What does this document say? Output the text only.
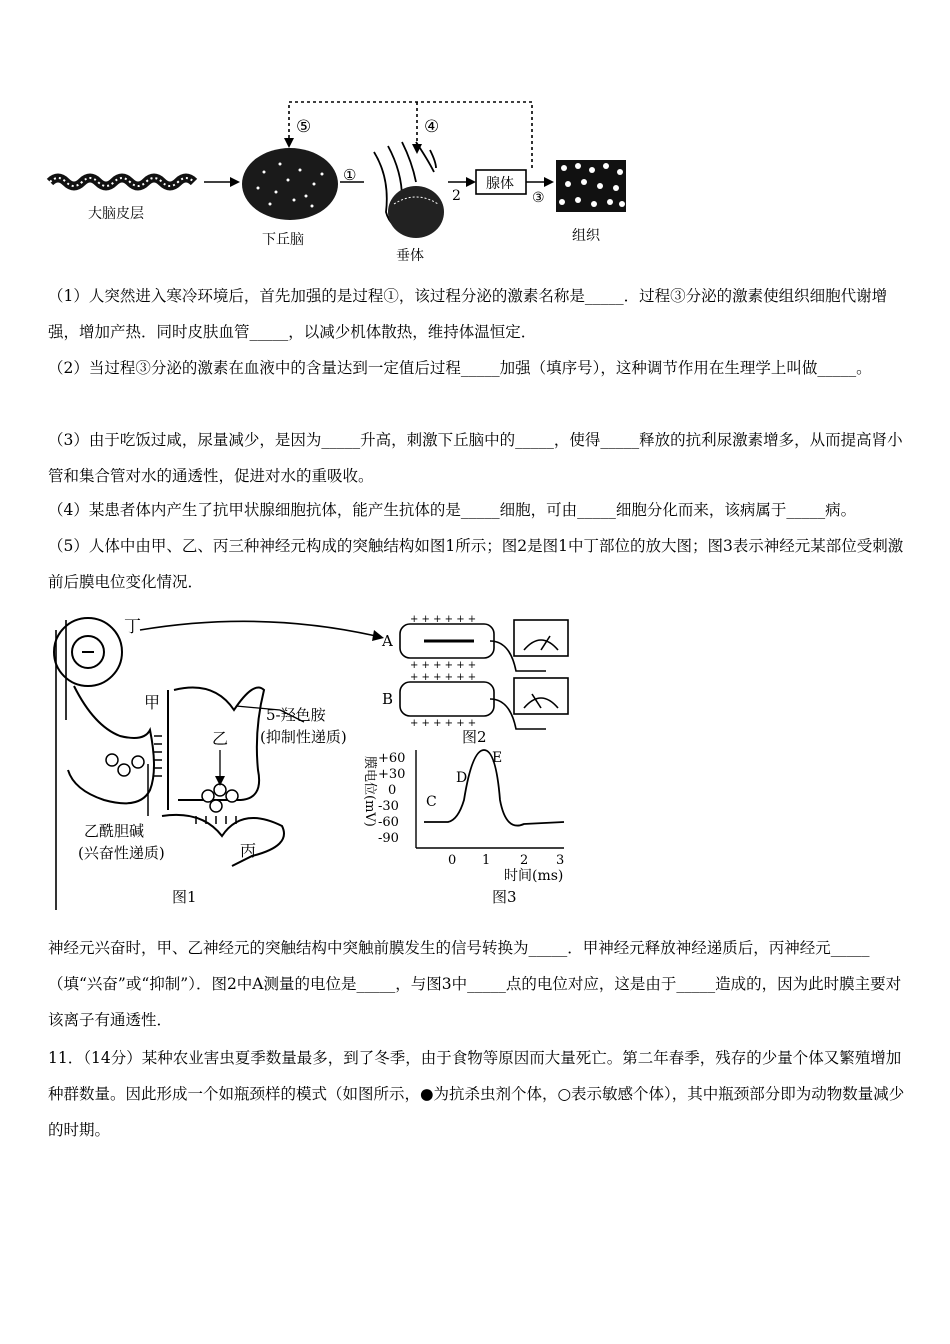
⑤	④
大脑皮层
下丘脑
①
垂体
2
腺体
③
组织
（1）人突然进入寒冷环境后，首先加强的是过程①，该过程分泌的激素名称是_____．过程③分泌的激素使组织细胞代谢增强，增加产热．同时皮肤血管_____，以减少机体散热，维持体温恒定．
（2）当过程③分泌的激素在血液中的含量达到一定值后过程_____加强（填序号），这种调节作用在生理学上叫做_____。
（3）由于吃饭过咸，尿量减少，是因为_____升高，刺激下丘脑中的_____，使得_____释放的抗利尿激素增多，从而提高肾小管和集合管对水的通透性，促进对水的重吸收。
（4）某患者体内产生了抗甲状腺细胞抗体，能产生抗体的是_____细胞，可由_____细胞分化而来，该病属于_____病。
（5）人体中由甲、乙、丙三种神经元构成的突触结构如图1所示；图2是图1中丁部位的放大图；图3表示神经元某部位受刺激前后膜电位变化情况．
丁
甲
乙
丙
5-羟色胺
(抑制性递质)
乙酰胆碱
(兴奋性递质)
图1
A
+ + + + + +
+ + + + + +
+ + + + + +
+ + + + + +
B
图2
膜电位(mV) +60
+30
0
-30
-60
-90
0 1 2 3
时间(ms)
C
D
E
图3
神经元兴奋时，甲、乙神经元的突触结构中突触前膜发生的信号转换为_____．甲神经元释放神经递质后，丙神经元_____（填“兴奋”或“抑制”）．图2中A测量的电位是_____，与图3中_____点的电位对应，这是由于_____造成的，因为此时膜主要对该离子有通透性．
11．（14分）某种农业害虫夏季数量最多，到了冬季，由于食物等原因而大量死亡。第二年春季，残存的少量个体又繁殖增加种群数量。因此形成一个如瓶颈样的模式（如图所示，●为抗杀虫剂个体，○表示敏感个体），其中瓶颈部分即为动物数量减少的时期。
